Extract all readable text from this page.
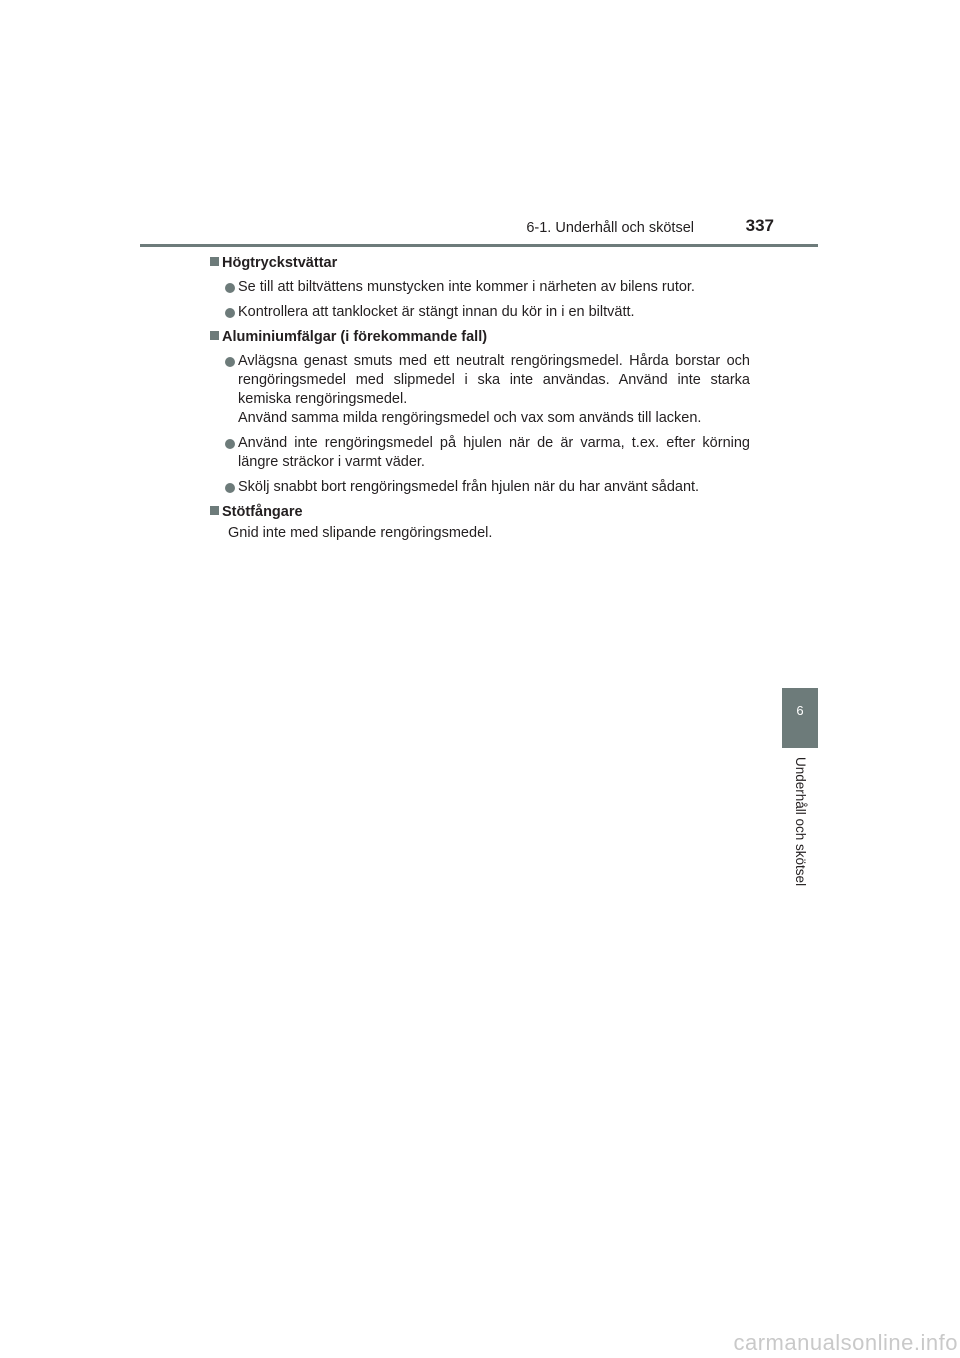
6-1. Underhåll och skötsel	337
Högtryckstvättar

Se till att biltvättens munstycken inte kommer i närheten av bilens rutor.

Kontrollera att tanklocket är stängt innan du kör in i en biltvätt.

Aluminiumfälgar (i förekommande fall)

Avlägsna genast smuts med ett neutralt rengöringsmedel. Hårda borstar och rengöringsmedel med slipmedel i ska inte användas. Använd inte starka kemiska rengöringsmedel.

Använd samma milda rengöringsmedel och vax som används till lacken.

Använd inte rengöringsmedel på hjulen när de är varma, t.ex. efter körning längre sträckor i varmt väder.

Skölj snabbt bort rengöringsmedel från hjulen när du har använt sådant.

Stötfångare

Gnid inte med slipande rengöringsmedel.

6
Underhåll och skötsel
carmanualsonline.info
